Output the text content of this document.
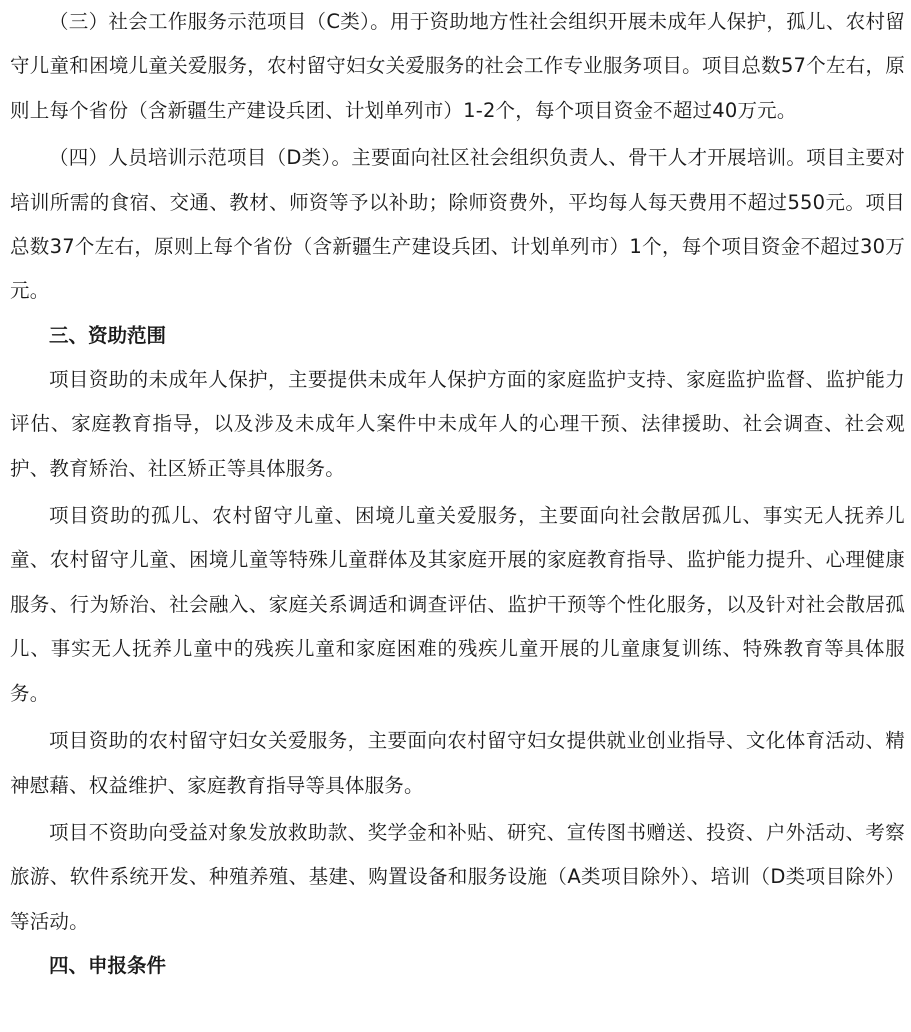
（三）社会工作服务示范项目（C类）。用于资助地方性社会组织开展未成年人保护，孤儿、农村留守儿童和困境儿童关爱服务，农村留守妇女关爱服务的社会工作专业服务项目。项目总数57个左右，原则上每个省份（含新疆生产建设兵团、计划单列市）1-2个，每个项目资金不超过40万元。

（四）人员培训示范项目（D类）。主要面向社区社会组织负责人、骨干人才开展培训。项目主要对培训所需的食宿、交通、教材、师资等予以补助；除师资费外，平均每人每天费用不超过550元。项目总数37个左右，原则上每个省份（含新疆生产建设兵团、计划单列市）1个，每个项目资金不超过30万元。

三、资助范围

项目资助的未成年人保护，主要提供未成年人保护方面的家庭监护支持、家庭监护监督、监护能力评估、家庭教育指导，以及涉及未成年人案件中未成年人的心理干预、法律援助、社会调查、社会观护、教育矫治、社区矫正等具体服务。

项目资助的孤儿、农村留守儿童、困境儿童关爱服务，主要面向社会散居孤儿、事实无人抚养儿童、农村留守儿童、困境儿童等特殊儿童群体及其家庭开展的家庭教育指导、监护能力提升、心理健康服务、行为矫治、社会融入、家庭关系调适和调查评估、监护干预等个性化服务，以及针对社会散居孤儿、事实无人抚养儿童中的残疾儿童和家庭困难的残疾儿童开展的儿童康复训练、特殊教育等具体服务。

项目资助的农村留守妇女关爱服务，主要面向农村留守妇女提供就业创业指导、文化体育活动、精神慰藉、权益维护、家庭教育指导等具体服务。

项目不资助向受益对象发放救助款、奖学金和补贴、研究、宣传图书赠送、投资、户外活动、考察旅游、软件系统开发、种殖养殖、基建、购置设备和服务设施（A类项目除外）、培训（D类项目除外）等活动。

四、申报条件
